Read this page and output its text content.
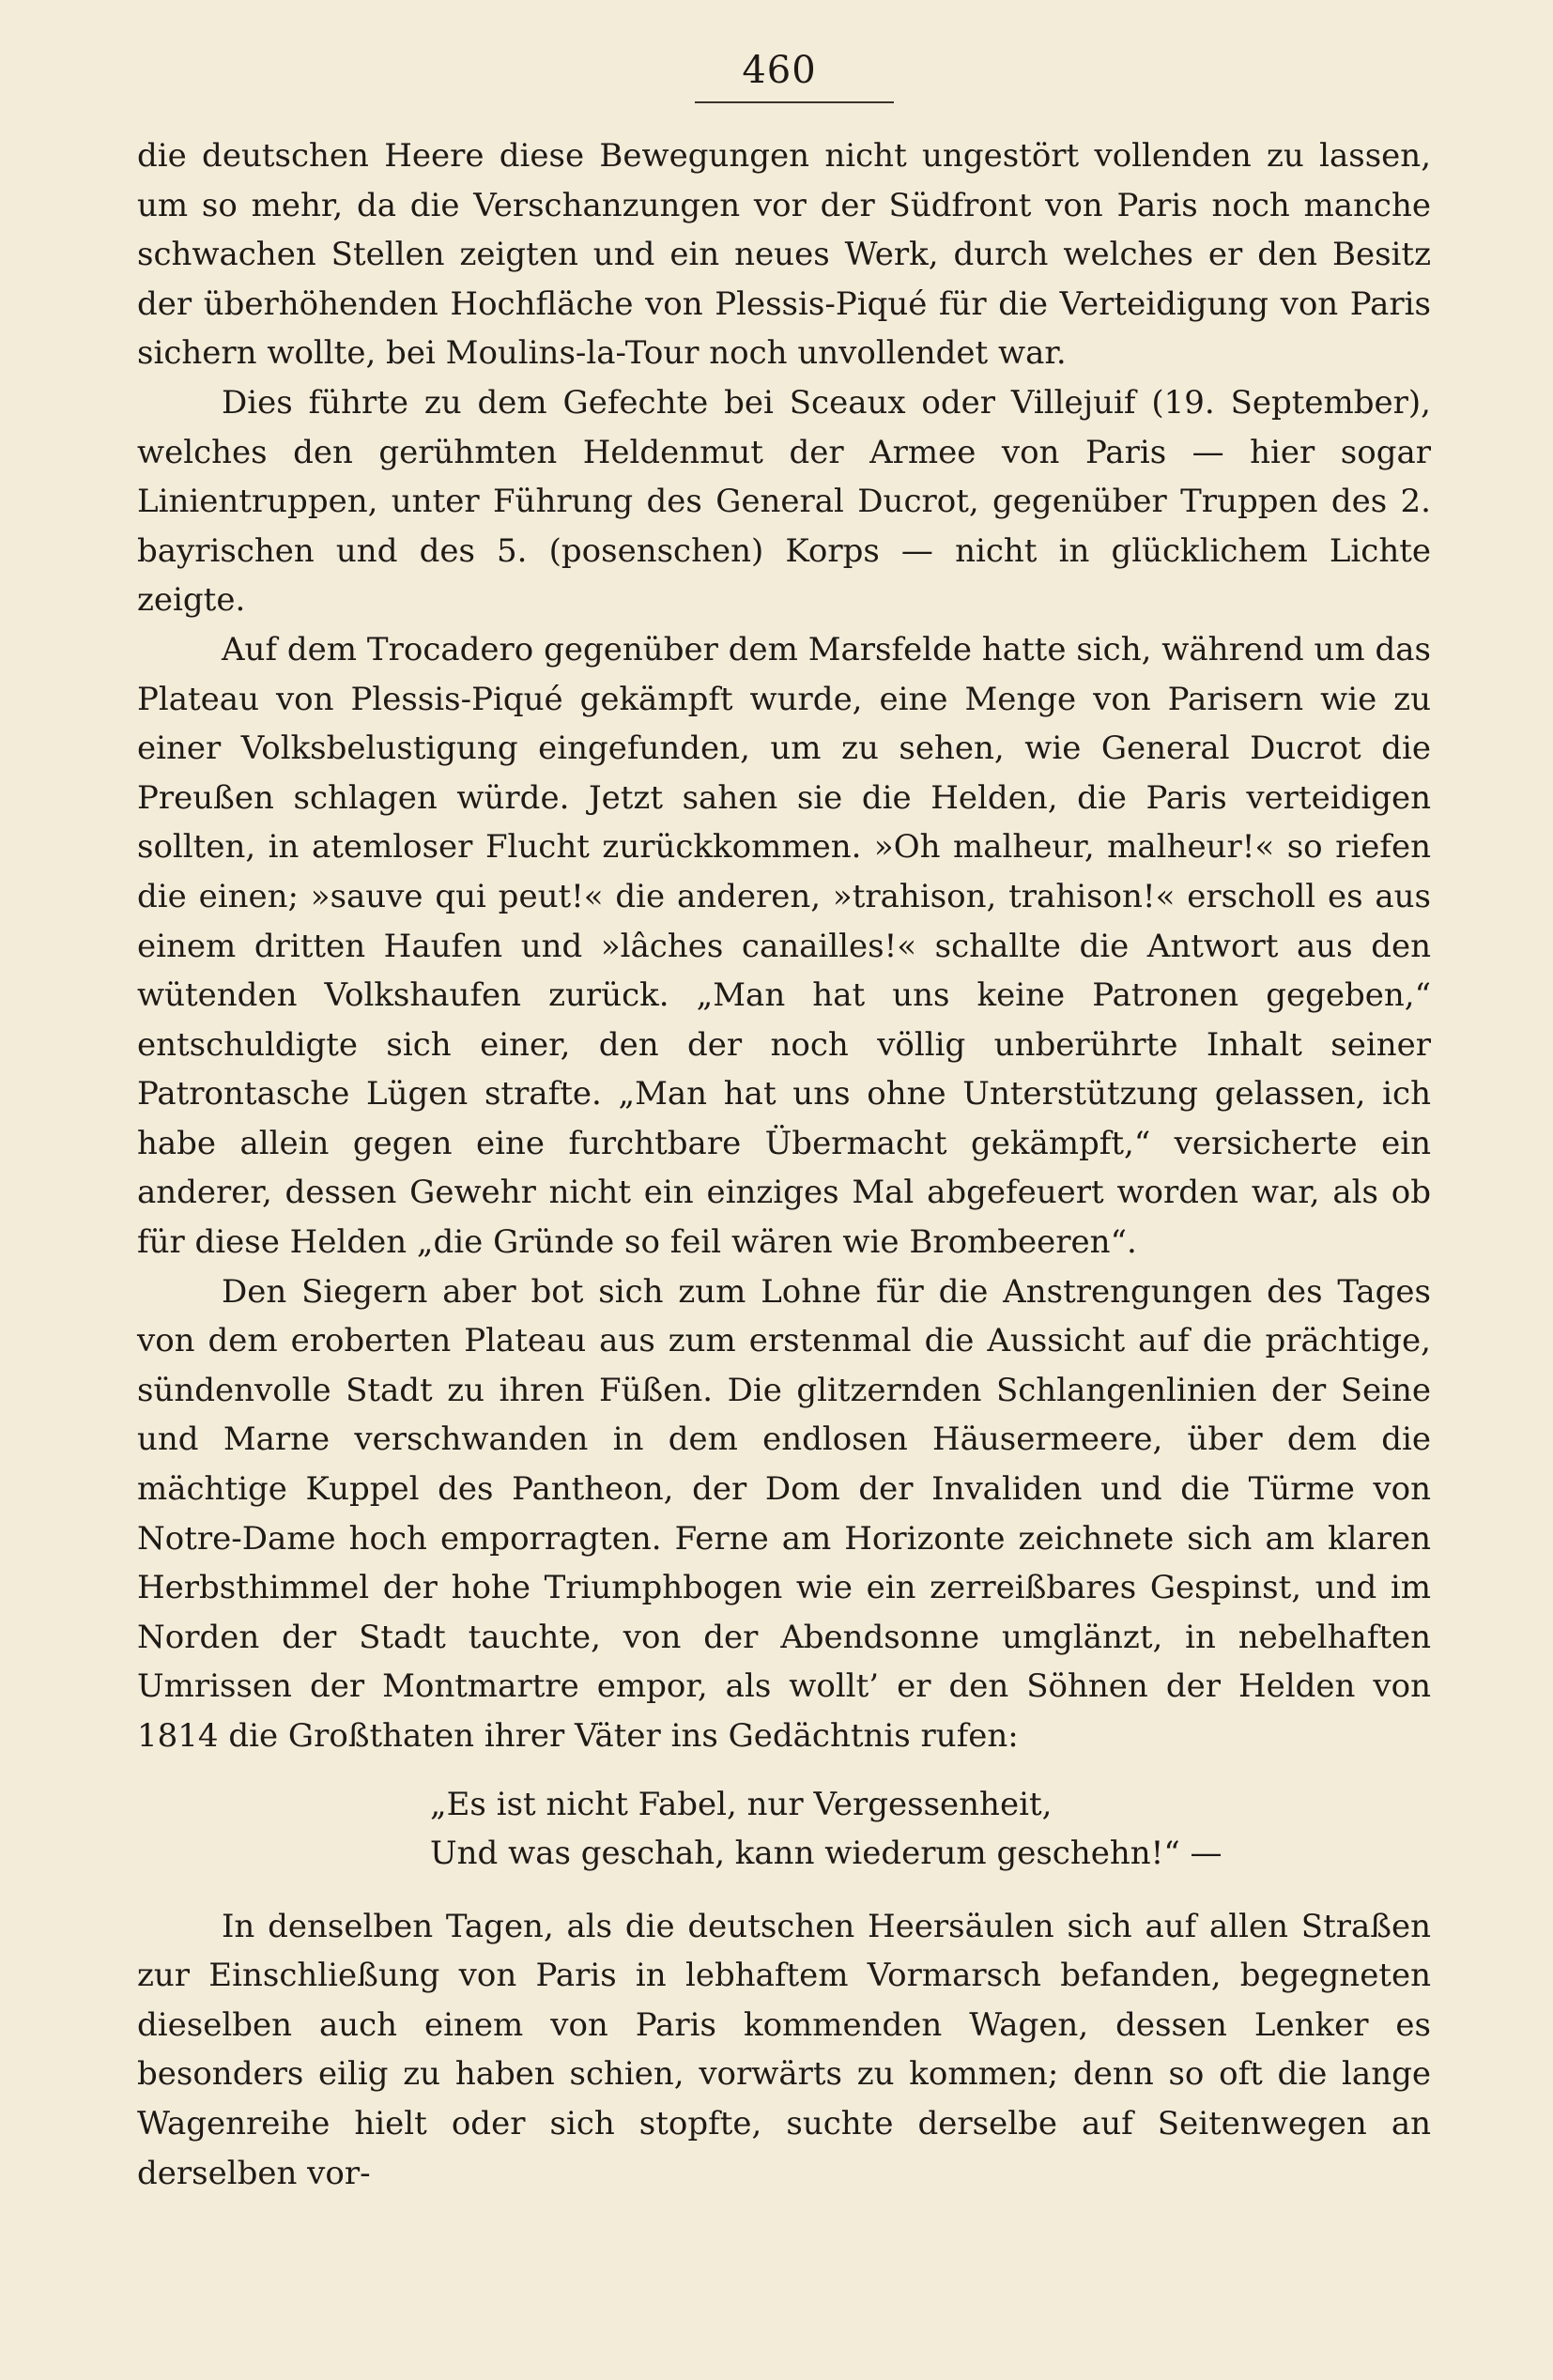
460

die deutschen Heere diese Bewegungen nicht ungestört vollenden zu lassen, um so mehr, da die Verschanzungen vor der Südfront von Paris noch manche schwachen Stellen zeigten und ein neues Werk, durch welches er den Besitz der überhöhenden Hochfläche von Plessis-Piqué für die Verteidigung von Paris sichern wollte, bei Moulins-la-Tour noch unvollendet war.

Dies führte zu dem Gefechte bei Sceaux oder Villejuif (19. September), welches den gerühmten Heldenmut der Armee von Paris — hier sogar Linientruppen, unter Führung des General Ducrot, gegenüber Truppen des 2. bayrischen und des 5. (posenschen) Korps — nicht in glücklichem Lichte zeigte.

Auf dem Trocadero gegenüber dem Marsfelde hatte sich, während um das Plateau von Plessis-Piqué gekämpft wurde, eine Menge von Parisern wie zu einer Volksbelustigung eingefunden, um zu sehen, wie General Ducrot die Preußen schlagen würde. Jetzt sahen sie die Helden, die Paris verteidigen sollten, in atemloser Flucht zurückkommen. »Oh malheur, malheur!« so riefen die einen; »sauve qui peut!« die anderen, »trahison, trahison!« erscholl es aus einem dritten Haufen und »lâches canailles!« schallte die Antwort aus den wütenden Volkshaufen zurück. „Man hat uns keine Patronen gegeben,“ entschuldigte sich einer, den der noch völlig unberührte Inhalt seiner Patrontasche Lügen strafte. „Man hat uns ohne Unterstützung gelassen, ich habe allein gegen eine furchtbare Übermacht gekämpft,“ versicherte ein anderer, dessen Gewehr nicht ein einziges Mal abgefeuert worden war, als ob für diese Helden „die Gründe so feil wären wie Brombeeren“.

Den Siegern aber bot sich zum Lohne für die Anstrengungen des Tages von dem eroberten Plateau aus zum erstenmal die Aussicht auf die prächtige, sündenvolle Stadt zu ihren Füßen. Die glitzernden Schlangenlinien der Seine und Marne verschwanden in dem endlosen Häusermeere, über dem die mächtige Kuppel des Pantheon, der Dom der Invaliden und die Türme von Notre-Dame hoch emporragten. Ferne am Horizonte zeichnete sich am klaren Herbsthimmel der hohe Triumphbogen wie ein zerreißbares Gespinst, und im Norden der Stadt tauchte, von der Abendsonne umglänzt, in nebelhaften Umrissen der Montmartre empor, als wollt’ er den Söhnen der Helden von 1814 die Großthaten ihrer Väter ins Gedächtnis rufen:

„Es ist nicht Fabel, nur Vergessenheit,
Und was geschah, kann wiederum geschehn!“ —

In denselben Tagen, als die deutschen Heersäulen sich auf allen Straßen zur Einschließung von Paris in lebhaftem Vormarsch befanden, begegneten dieselben auch einem von Paris kommenden Wagen, dessen Lenker es besonders eilig zu haben schien, vorwärts zu kommen; denn so oft die lange Wagenreihe hielt oder sich stopfte, suchte derselbe auf Seitenwegen an derselben vor-
